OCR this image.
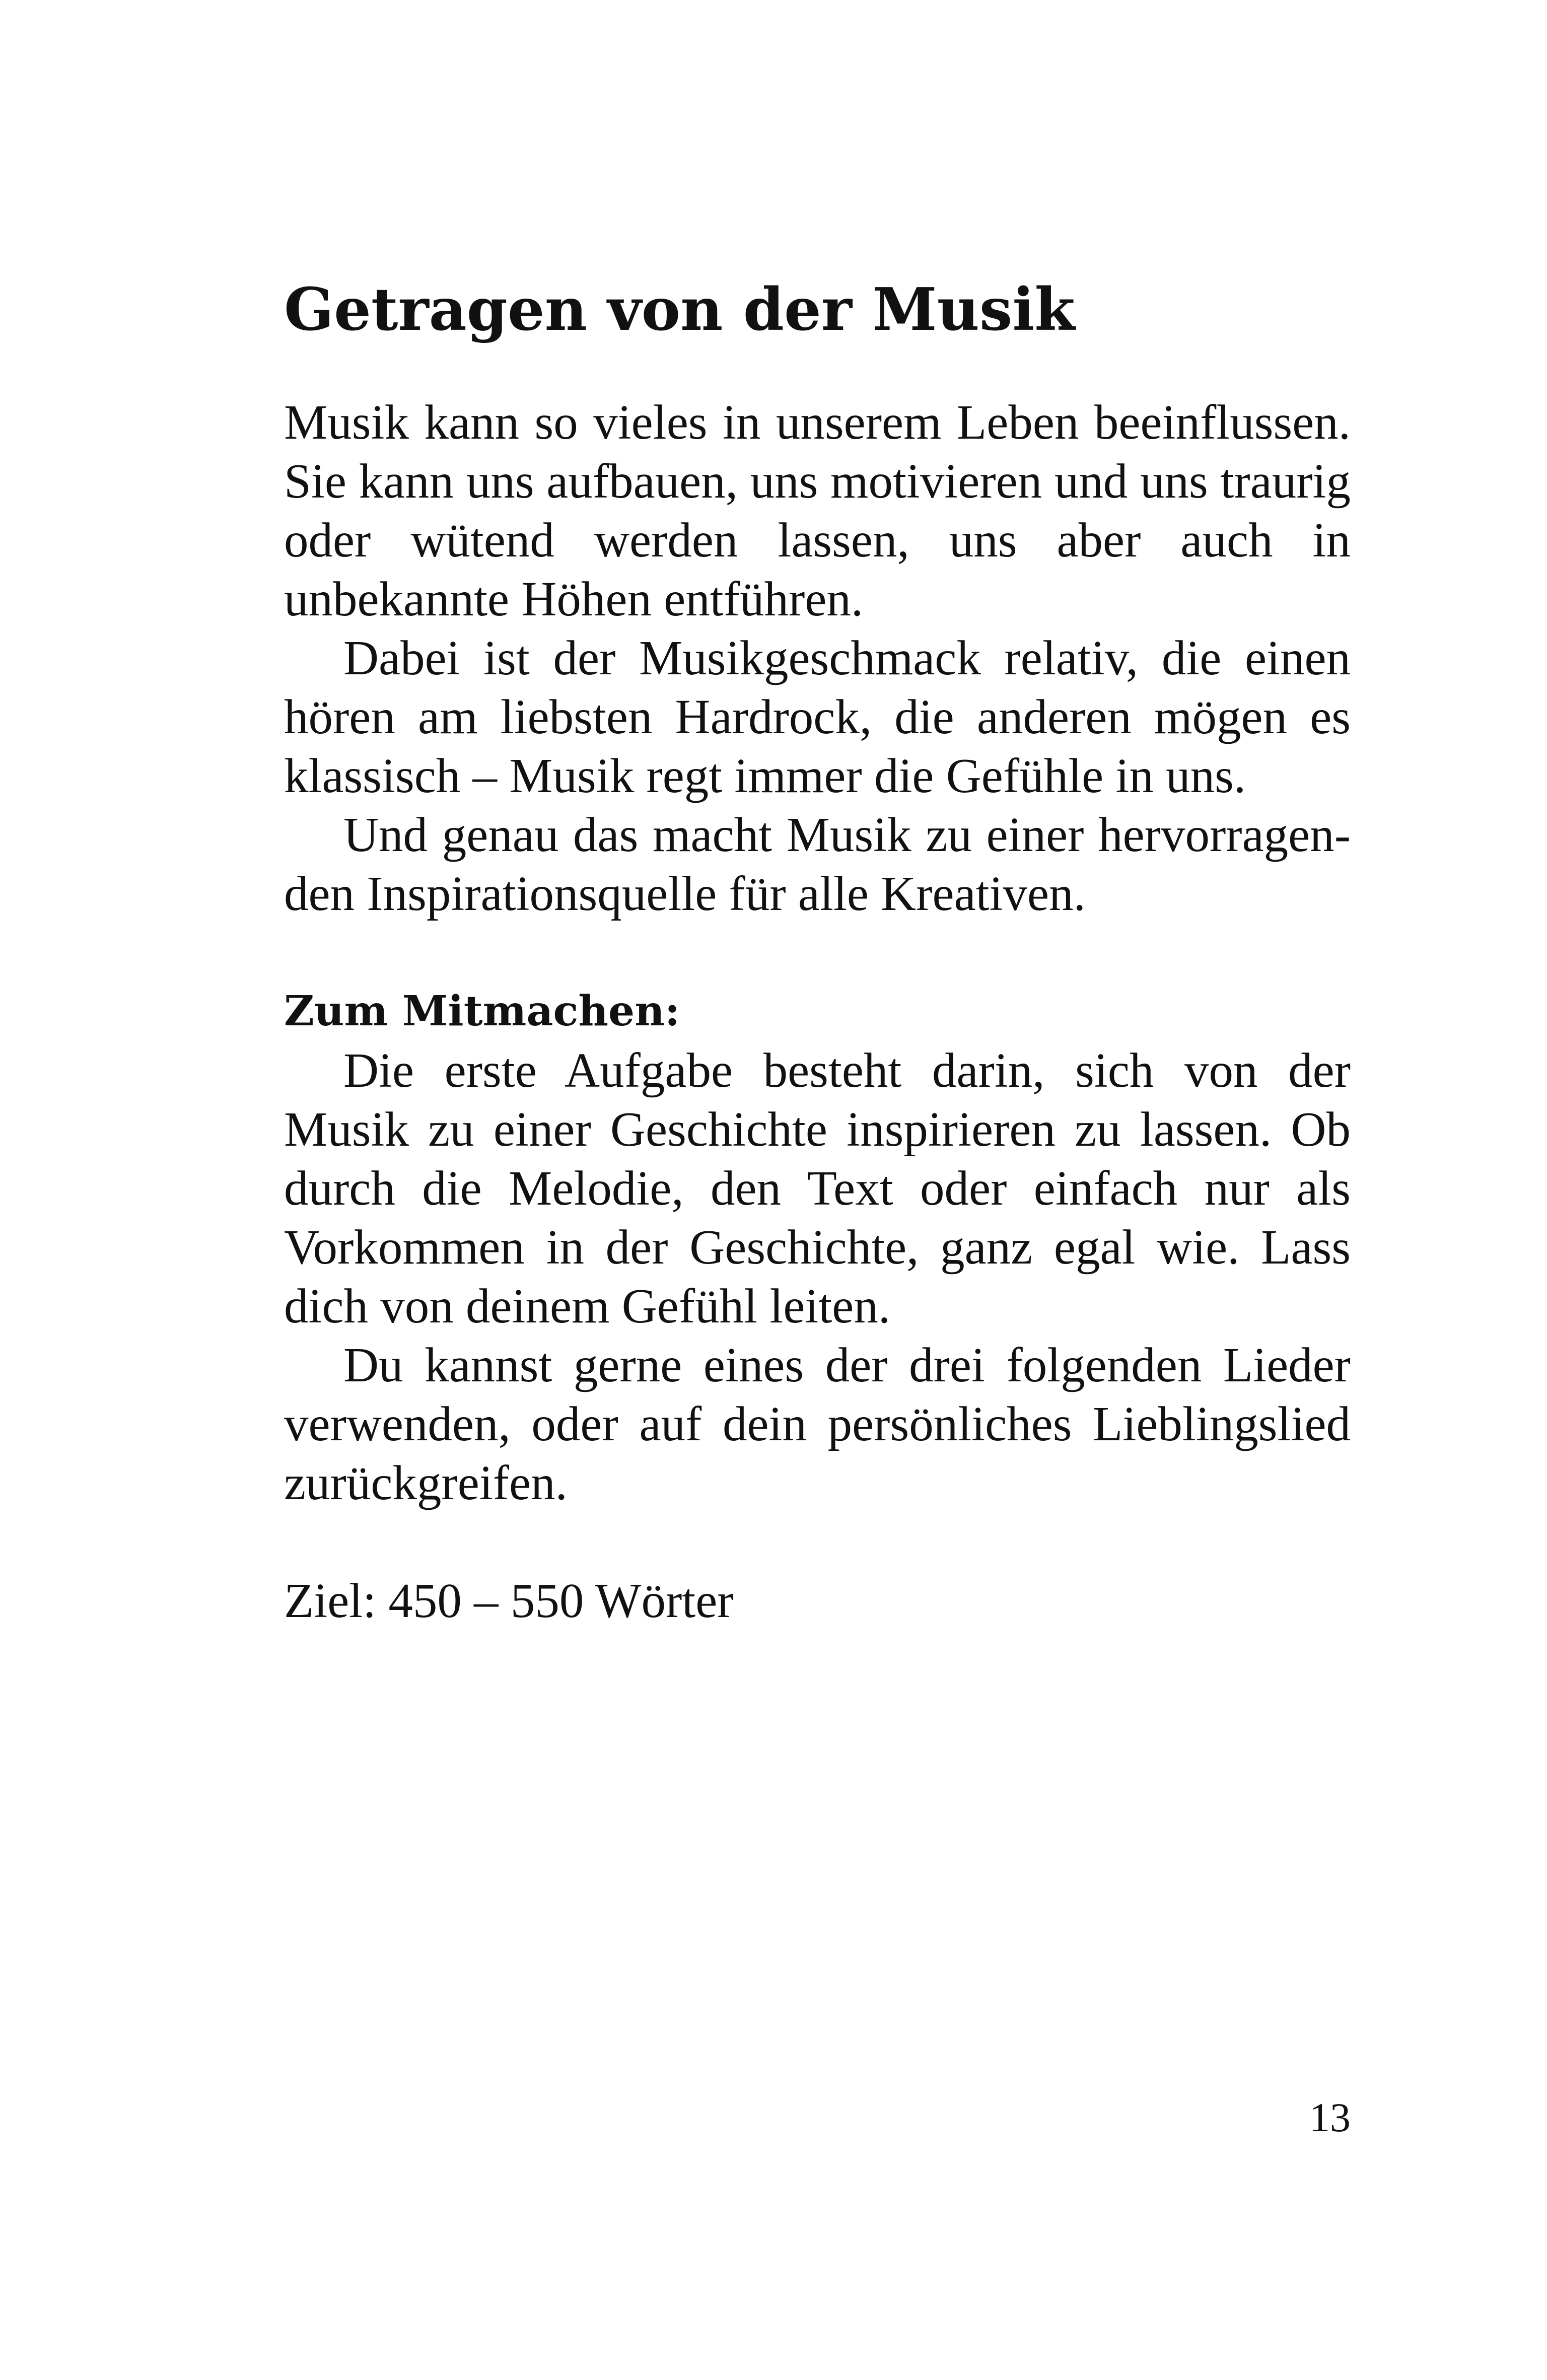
Getragen von der Musik

Musik kann so vieles in unserem Leben beeinflussen. Sie kann uns aufbauen, uns motivieren und uns traurig oder wütend werden lassen, uns aber auch in unbekannte Höhen entführen.

Dabei ist der Musikgeschmack relativ, die einen hören am liebsten Hardrock, die anderen mögen es klassisch – Musik regt immer die Gefühle in uns.

Und genau das macht Musik zu einer hervorragenden Inspirationsquelle für alle Kreativen.

Zum Mitmachen:

Die erste Aufgabe besteht darin, sich von der Musik zu einer Geschichte inspirieren zu lassen. Ob durch die Melodie, den Text oder einfach nur als Vorkommen in der Geschichte, ganz egal wie. Lass dich von deinem Gefühl leiten.

Du kannst gerne eines der drei folgenden Lieder verwenden, oder auf dein persönliches Lieblingslied zurückgreifen.

Ziel: 450 – 550 Wörter

13
